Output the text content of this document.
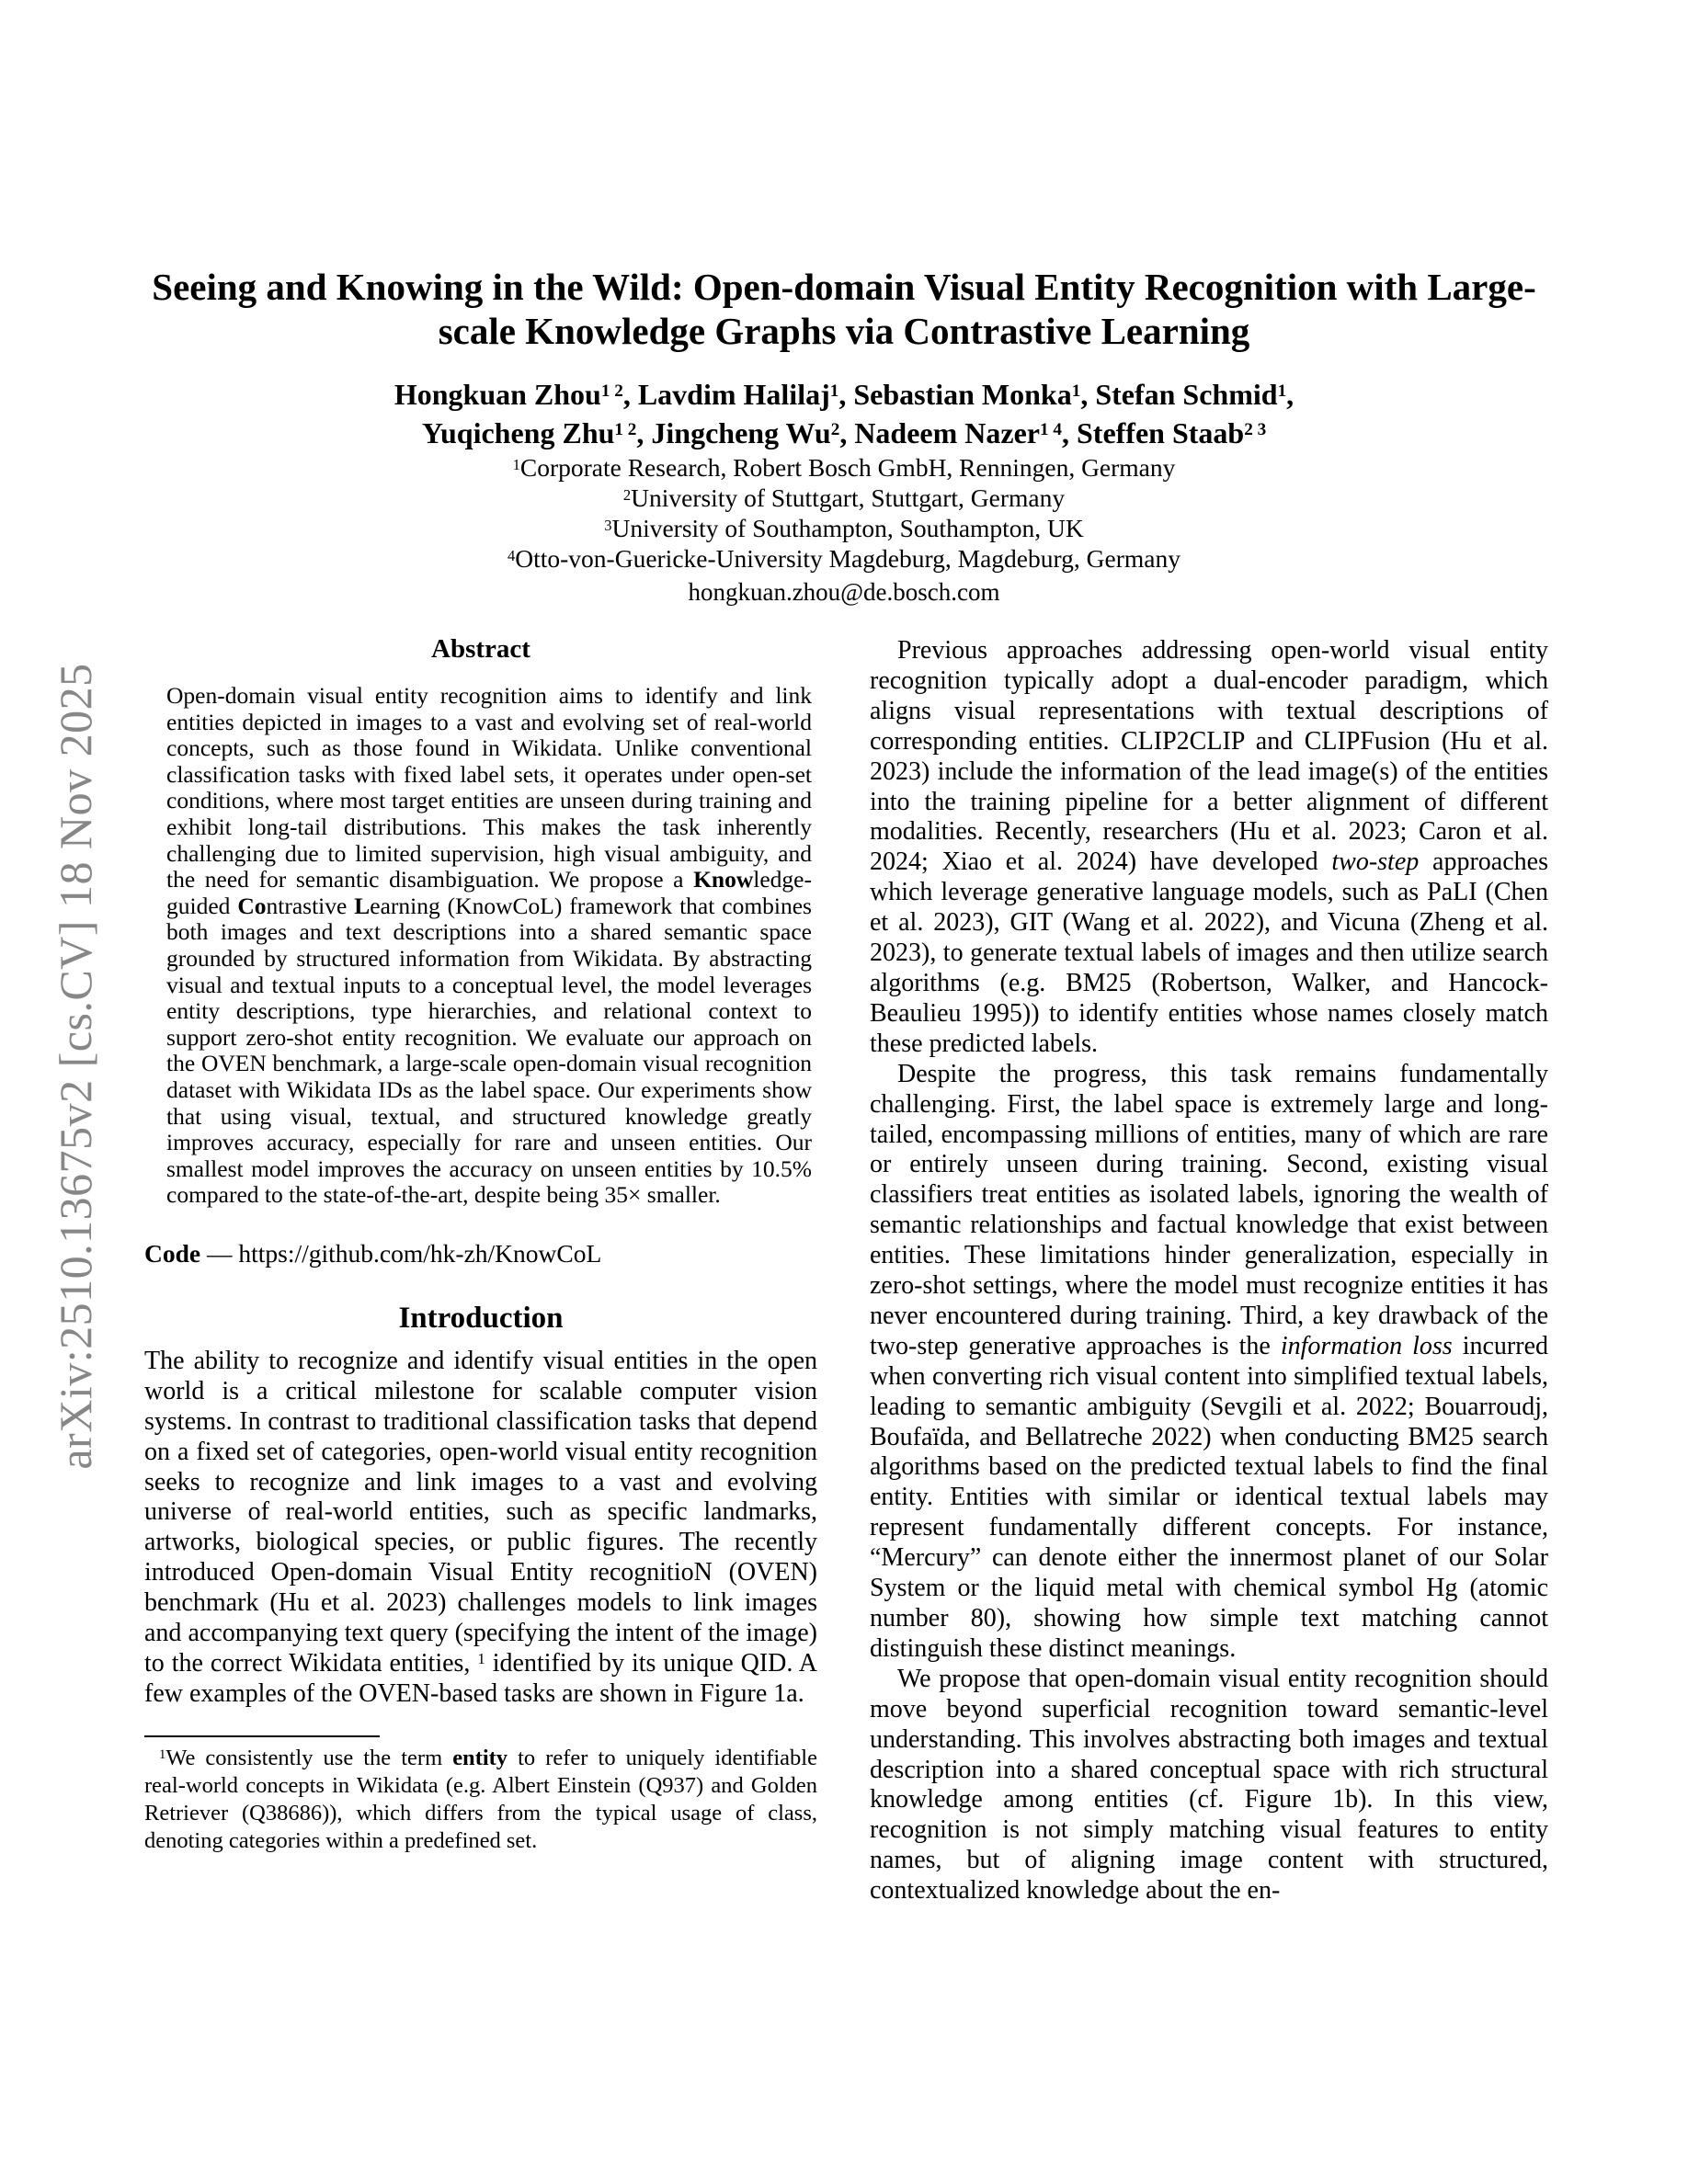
arXiv:2510.13675v2 [cs.CV] 18 Nov 2025
Seeing and Knowing in the Wild: Open-domain Visual Entity Recognition with Large-scale Knowledge Graphs via Contrastive Learning
Hongkuan Zhou$^{1 2}$, Lavdim Halilaj$^1$, Sebastian Monka$^1$, Stefan Schmid$^1$,
Yuqicheng Zhu$^{1 2}$, Jingcheng Wu$^2$, Nadeem Nazer$^{1 4}$, Steffen Staab$^{2 3}$
$^1$Corporate Research, Robert Bosch GmbH, Renningen, Germany
$^2$University of Stuttgart, Stuttgart, Germany
$^3$University of Southampton, Southampton, UK
$^4$Otto-von-Guericke-University Magdeburg, Magdeburg, Germany
hongkuan.zhou@de.bosch.com
Abstract
Open-domain visual entity recognition aims to identify and link entities depicted in images to a vast and evolving set of real-world concepts, such as those found in Wikidata. Unlike conventional classification tasks with fixed label sets, it operates under open-set conditions, where most target entities are unseen during training and exhibit long-tail distributions. This makes the task inherently challenging due to limited supervision, high visual ambiguity, and the need for semantic disambiguation. We propose a Knowledge-guided Contrastive Learning (KnowCoL) framework that combines both images and text descriptions into a shared semantic space grounded by structured information from Wikidata. By abstracting visual and textual inputs to a conceptual level, the model leverages entity descriptions, type hierarchies, and relational context to support zero-shot entity recognition. We evaluate our approach on the OVEN benchmark, a large-scale open-domain visual recognition dataset with Wikidata IDs as the label space. Our experiments show that using visual, textual, and structured knowledge greatly improves accuracy, especially for rare and unseen entities. Our smallest model improves the accuracy on unseen entities by 10.5% compared to the state-of-the-art, despite being 35× smaller.
Code — https://github.com/hk-zh/KnowCoL
Introduction
The ability to recognize and identify visual entities in the open world is a critical milestone for scalable computer vision systems. In contrast to traditional classification tasks that depend on a fixed set of categories, open-world visual entity recognition seeks to recognize and link images to a vast and evolving universe of real-world entities, such as specific landmarks, artworks, biological species, or public figures. The recently introduced Open-domain Visual Entity recognitioN (OVEN) benchmark (Hu et al. 2023) challenges models to link images and accompanying text query (specifying the intent of the image) to the correct Wikidata entities, $^1$ identified by its unique QID. A few examples of the OVEN-based tasks are shown in Figure 1a.
$^1$We consistently use the term entity to refer to uniquely identifiable real-world concepts in Wikidata (e.g. Albert Einstein (Q937) and Golden Retriever (Q38686)), which differs from the typical usage of class, denoting categories within a predefined set.

Previous approaches addressing open-world visual entity recognition typically adopt a dual-encoder paradigm, which aligns visual representations with textual descriptions of corresponding entities. CLIP2CLIP and CLIPFusion (Hu et al. 2023) include the information of the lead image(s) of the entities into the training pipeline for a better alignment of different modalities. Recently, researchers (Hu et al. 2023; Caron et al. 2024; Xiao et al. 2024) have developed two-step approaches which leverage generative language models, such as PaLI (Chen et al. 2023), GIT (Wang et al. 2022), and Vicuna (Zheng et al. 2023), to generate textual labels of images and then utilize search algorithms (e.g. BM25 (Robertson, Walker, and Hancock-Beaulieu 1995)) to identify entities whose names closely match these predicted labels.

Despite the progress, this task remains fundamentally challenging. First, the label space is extremely large and long-tailed, encompassing millions of entities, many of which are rare or entirely unseen during training. Second, existing visual classifiers treat entities as isolated labels, ignoring the wealth of semantic relationships and factual knowledge that exist between entities. These limitations hinder generalization, especially in zero-shot settings, where the model must recognize entities it has never encountered during training. Third, a key drawback of the two-step generative approaches is the information loss incurred when converting rich visual content into simplified textual labels, leading to semantic ambiguity (Sevgili et al. 2022; Bouarroudj, Boufaïda, and Bellatreche 2022) when conducting BM25 search algorithms based on the predicted textual labels to find the final entity. Entities with similar or identical textual labels may represent fundamentally different concepts. For instance, “Mercury” can denote either the innermost planet of our Solar System or the liquid metal with chemical symbol Hg (atomic number 80), showing how simple text matching cannot distinguish these distinct meanings.

We propose that open-domain visual entity recognition should move beyond superficial recognition toward semantic-level understanding. This involves abstracting both images and textual description into a shared conceptual space with rich structural knowledge among entities (cf. Figure 1b). In this view, recognition is not simply matching visual features to entity names, but of aligning image content with structured, contextualized knowledge about the en-
